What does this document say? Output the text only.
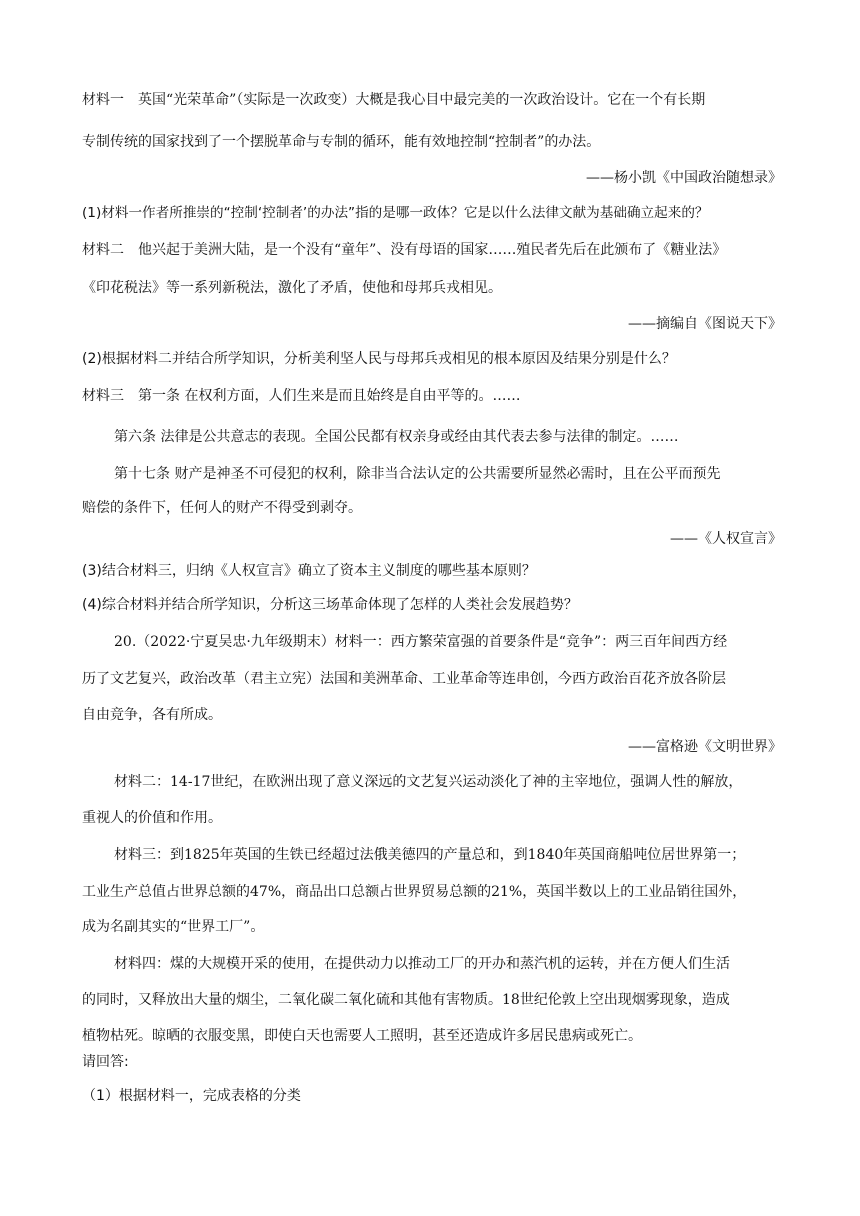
材料一　英国“光荣革命”（实际是一次政变）大概是我心目中最完美的一次政治设计。它在一个有长期
专制传统的国家找到了一个摆脱革命与专制的循环，能有效地控制“控制者”的办法。
——杨小凯《中国政治随想录》
(1)材料一作者所推崇的“控制‘控制者’的办法”指的是哪一政体？它是以什么法律文献为基础确立起来的？
材料二　他兴起于美洲大陆，是一个没有“童年”、没有母语的国家……殖民者先后在此颁布了《糖业法》
《印花税法》等一系列新税法，激化了矛盾，使他和母邦兵戎相见。
——摘编自《图说天下》
(2)根据材料二并结合所学知识，分析美利坚人民与母邦兵戎相见的根本原因及结果分别是什么？
材料三　第一条 在权利方面，人们生来是而且始终是自由平等的。……
第六条 法律是公共意志的表现。全国公民都有权亲身或经由其代表去参与法律的制定。……
第十七条 财产是神圣不可侵犯的权利，除非当合法认定的公共需要所显然必需时，且在公平而预先
赔偿的条件下，任何人的财产不得受到剥夺。
——《人权宣言》
(3)结合材料三，归纳《人权宣言》确立了资本主义制度的哪些基本原则？
(4)综合材料并结合所学知识，分析这三场革命体现了怎样的人类社会发展趋势？
20.（2022·宁夏吴忠·九年级期末）材料一：西方繁荣富强的首要条件是“竞争”：两三百年间西方经
历了文艺复兴，政治改革（君主立宪）法国和美洲革命、工业革命等连串创，今西方政治百花齐放各阶层
自由竞争，各有所成。
——富格逊《文明世界》
材料二：14-17世纪，在欧洲出现了意义深远的文艺复兴运动淡化了神的主宰地位，强调人性的解放，
重视人的价值和作用。
材料三：到1825年英国的生铁已经超过法俄美德四的产量总和，到1840年英国商船吨位居世界第一；
工业生产总值占世界总额的47%，商品出口总额占世界贸易总额的21%，英国半数以上的工业品销往国外，
成为名副其实的“世界工厂”。
材料四：煤的大规模开采的使用，在提供动力以推动工厂的开办和蒸汽机的运转，并在方便人们生活
的同时，又释放出大量的烟尘，二氧化碳二氧化硫和其他有害物质。18世纪伦敦上空出现烟雾现象，造成
植物枯死。晾晒的衣服变黑，即使白天也需要人工照明，甚至还造成许多居民患病或死亡。
请回答:
（1）根据材料一，完成表格的分类
